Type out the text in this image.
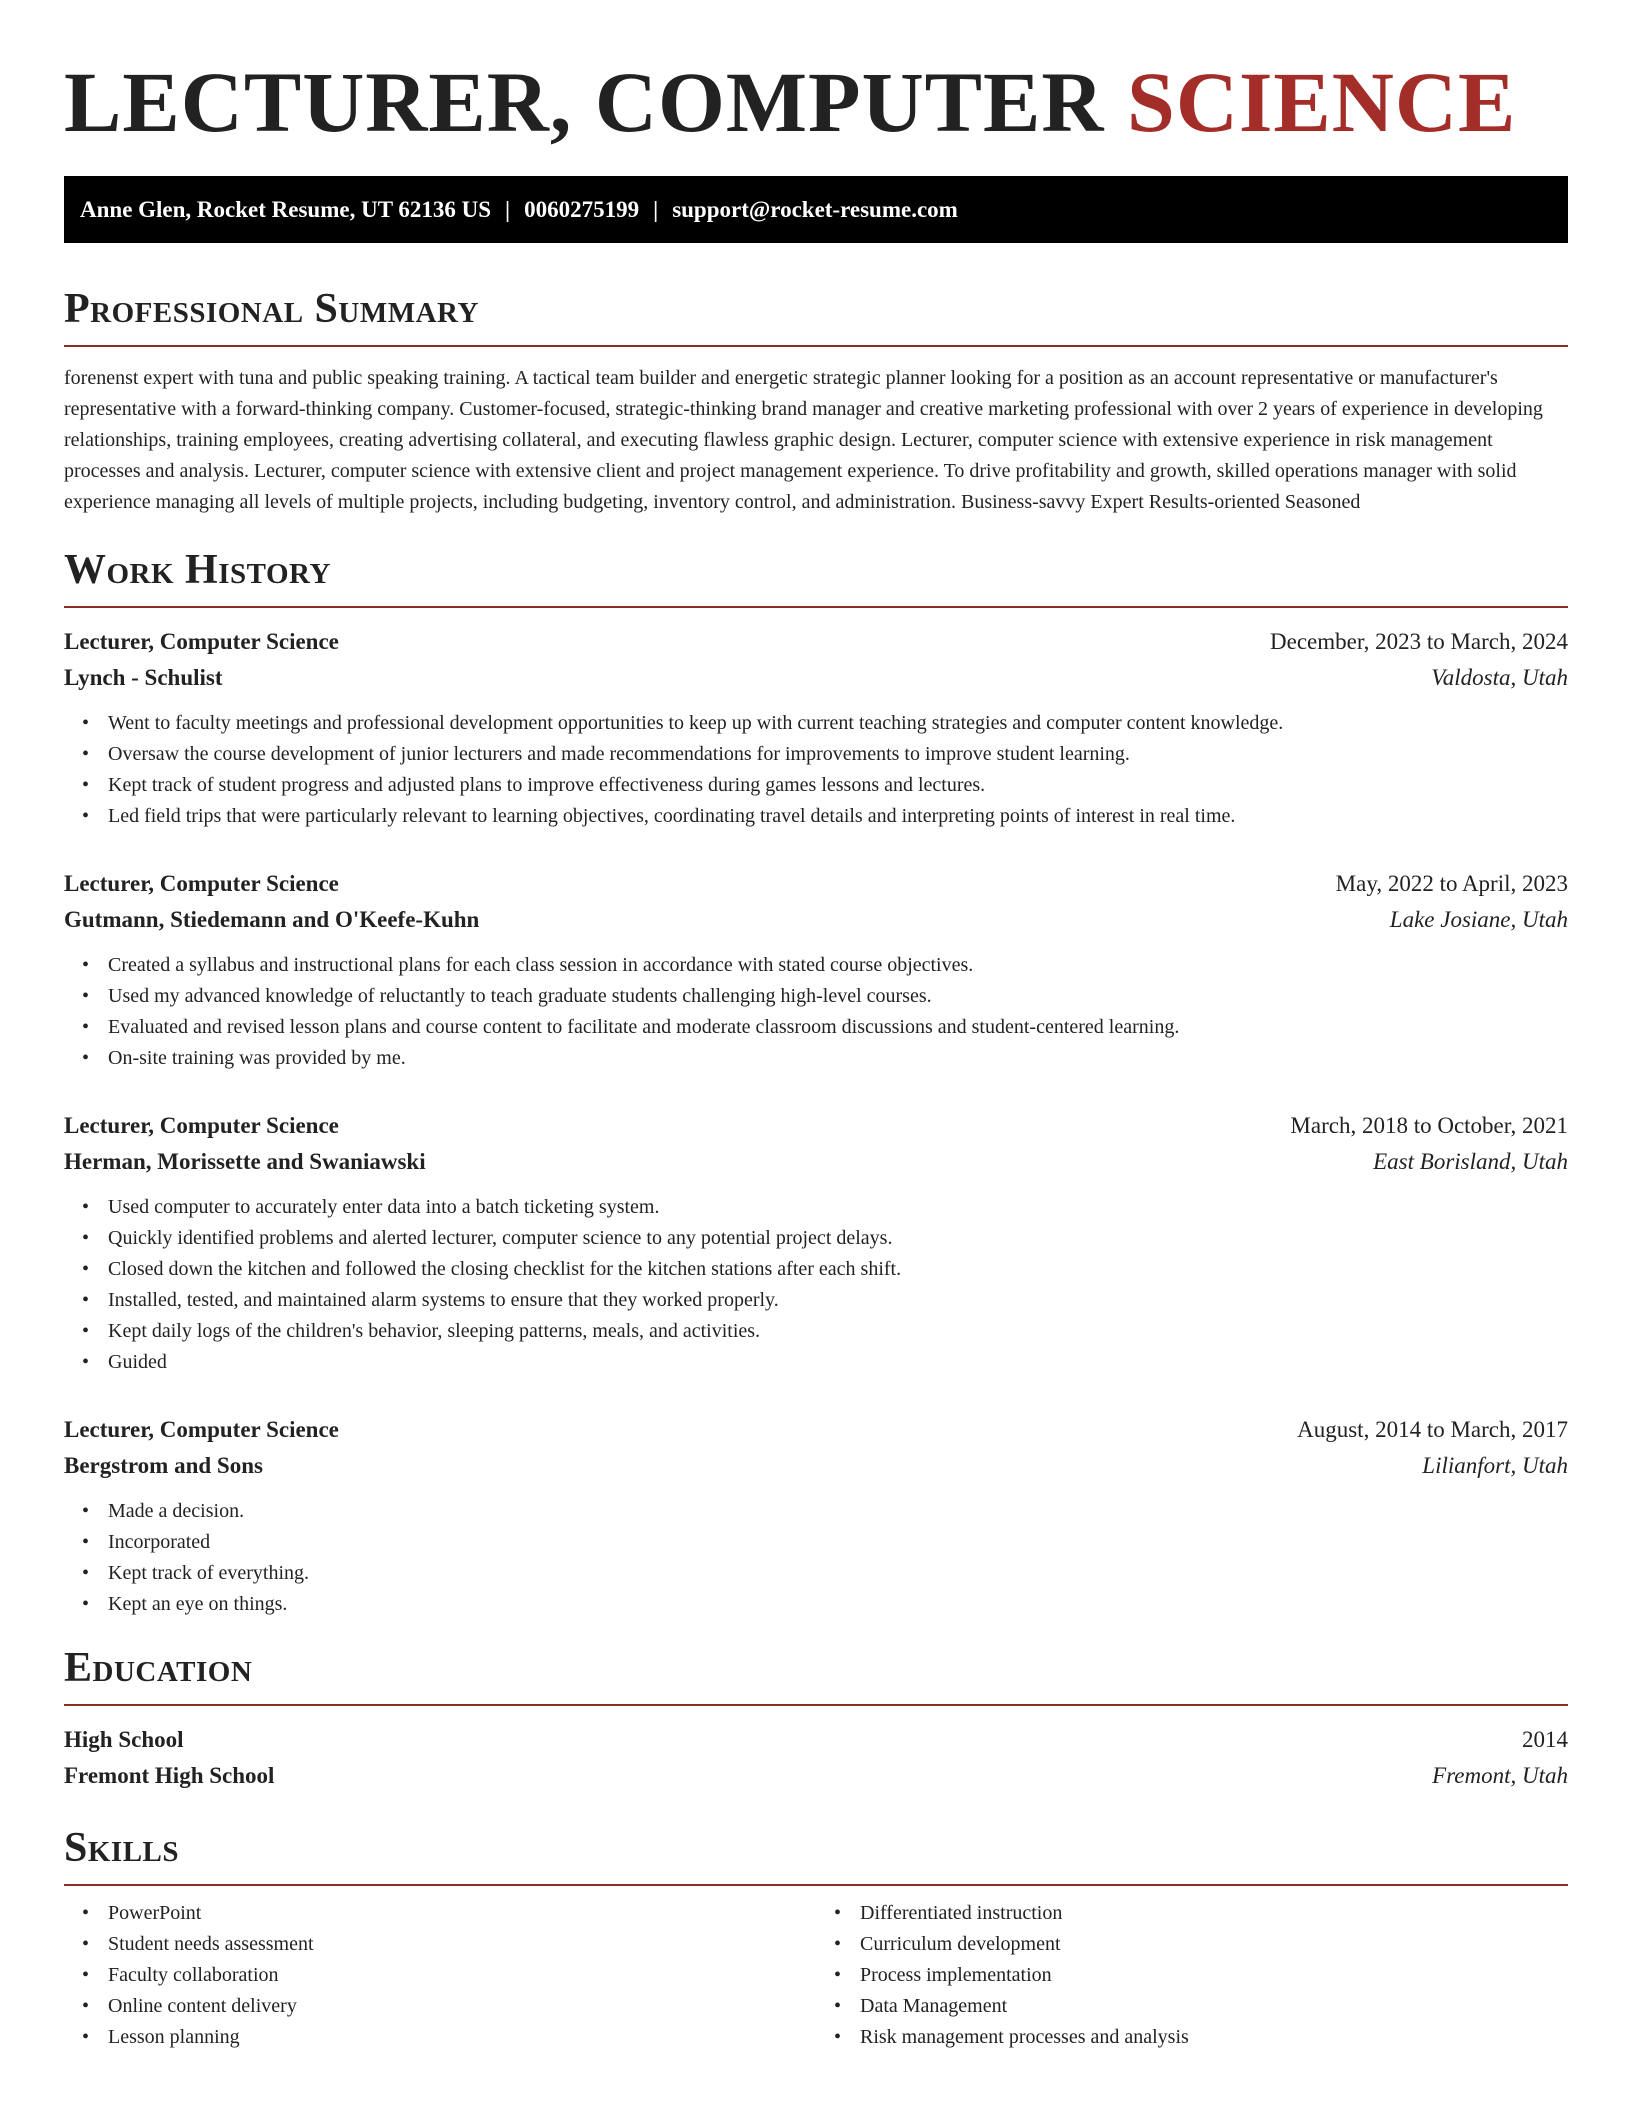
LECTURER, COMPUTER SCIENCE
Anne Glen, Rocket Resume, UT 62136 US | 0060275199 | support@rocket-resume.com
Professional Summary

forenenst expert with tuna and public speaking training. A tactical team builder and energetic strategic planner looking for a position as an account representative or manufacturer's representative with a forward-thinking company. Customer-focused, strategic-thinking brand manager and creative marketing professional with over 2 years of experience in developing relationships, training employees, creating advertising collateral, and executing flawless graphic design. Lecturer, computer science with extensive experience in risk management processes and analysis. Lecturer, computer science with extensive client and project management experience. To drive profitability and growth, skilled operations manager with solid experience managing all levels of multiple projects, including budgeting, inventory control, and administration. Business-savvy Expert Results-oriented Seasoned

Work History
Lecturer, Computer Science	December, 2023 to March, 2024
Lynch - Schulist	Valdosta, Utah
• Went to faculty meetings and professional development opportunities to keep up with current teaching strategies and computer content knowledge.
• Oversaw the course development of junior lecturers and made recommendations for improvements to improve student learning.
• Kept track of student progress and adjusted plans to improve effectiveness during games lessons and lectures.
• Led field trips that were particularly relevant to learning objectives, coordinating travel details and interpreting points of interest in real time.
Lecturer, Computer Science	May, 2022 to April, 2023
Gutmann, Stiedemann and O'Keefe-Kuhn	Lake Josiane, Utah
• Created a syllabus and instructional plans for each class session in accordance with stated course objectives.
• Used my advanced knowledge of reluctantly to teach graduate students challenging high-level courses.
• Evaluated and revised lesson plans and course content to facilitate and moderate classroom discussions and student-centered learning.
• On-site training was provided by me.
Lecturer, Computer Science	March, 2018 to October, 2021
Herman, Morissette and Swaniawski	East Borisland, Utah
• Used computer to accurately enter data into a batch ticketing system.
• Quickly identified problems and alerted lecturer, computer science to any potential project delays.
• Closed down the kitchen and followed the closing checklist for the kitchen stations after each shift.
• Installed, tested, and maintained alarm systems to ensure that they worked properly.
• Kept daily logs of the children's behavior, sleeping patterns, meals, and activities.
• Guided
Lecturer, Computer Science	August, 2014 to March, 2017
Bergstrom and Sons	Lilianfort, Utah
• Made a decision.
• Incorporated
• Kept track of everything.
• Kept an eye on things.
Education
High School	2014
Fremont High School	Fremont, Utah
Skills
• PowerPoint
• Student needs assessment
• Faculty collaboration
• Online content delivery
• Lesson planning
• Differentiated instruction
• Curriculum development
• Process implementation
• Data Management
• Risk management processes and analysis
